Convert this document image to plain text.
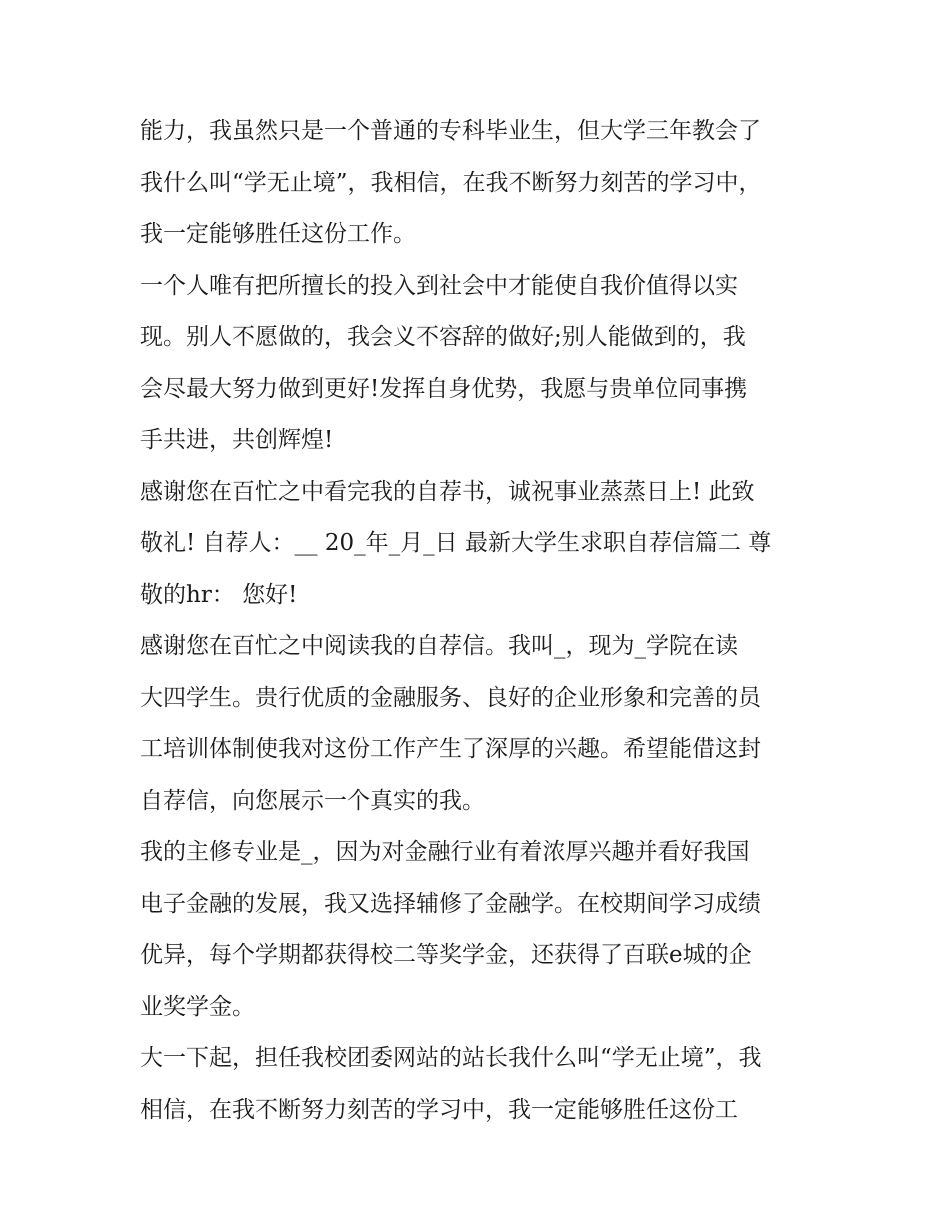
能力，我虽然只是一个普通的专科毕业生，但大学三年教会了
我什么叫“学无止境”，我相信，在我不断努力刻苦的学习中，
我一定能够胜任这份工作。
一个人唯有把所擅长的投入到社会中才能使自我价值得以实
现。别人不愿做的，我会义不容辞的做好;别人能做到的，我
会尽最大努力做到更好!发挥自身优势，我愿与贵单位同事携
手共进，共创辉煌!
感谢您在百忙之中看完我的自荐书，诚祝事业蒸蒸日上! 此致
敬礼! 自荐人：__ 20_年_月_日 最新大学生求职自荐信篇二 尊
敬的hr： 您好!
感谢您在百忙之中阅读我的自荐信。我叫_，现为_学院在读
大四学生。贵行优质的金融服务、良好的企业形象和完善的员
工培训体制使我对这份工作产生了深厚的兴趣。希望能借这封
自荐信，向您展示一个真实的我。
我的主修专业是_，因为对金融行业有着浓厚兴趣并看好我国
电子金融的发展，我又选择辅修了金融学。在校期间学习成绩
优异，每个学期都获得校二等奖学金，还获得了百联e城的企
业奖学金。
大一下起，担任我校团委网站的站长我什么叫“学无止境”，我
相信，在我不断努力刻苦的学习中，我一定能够胜任这份工
